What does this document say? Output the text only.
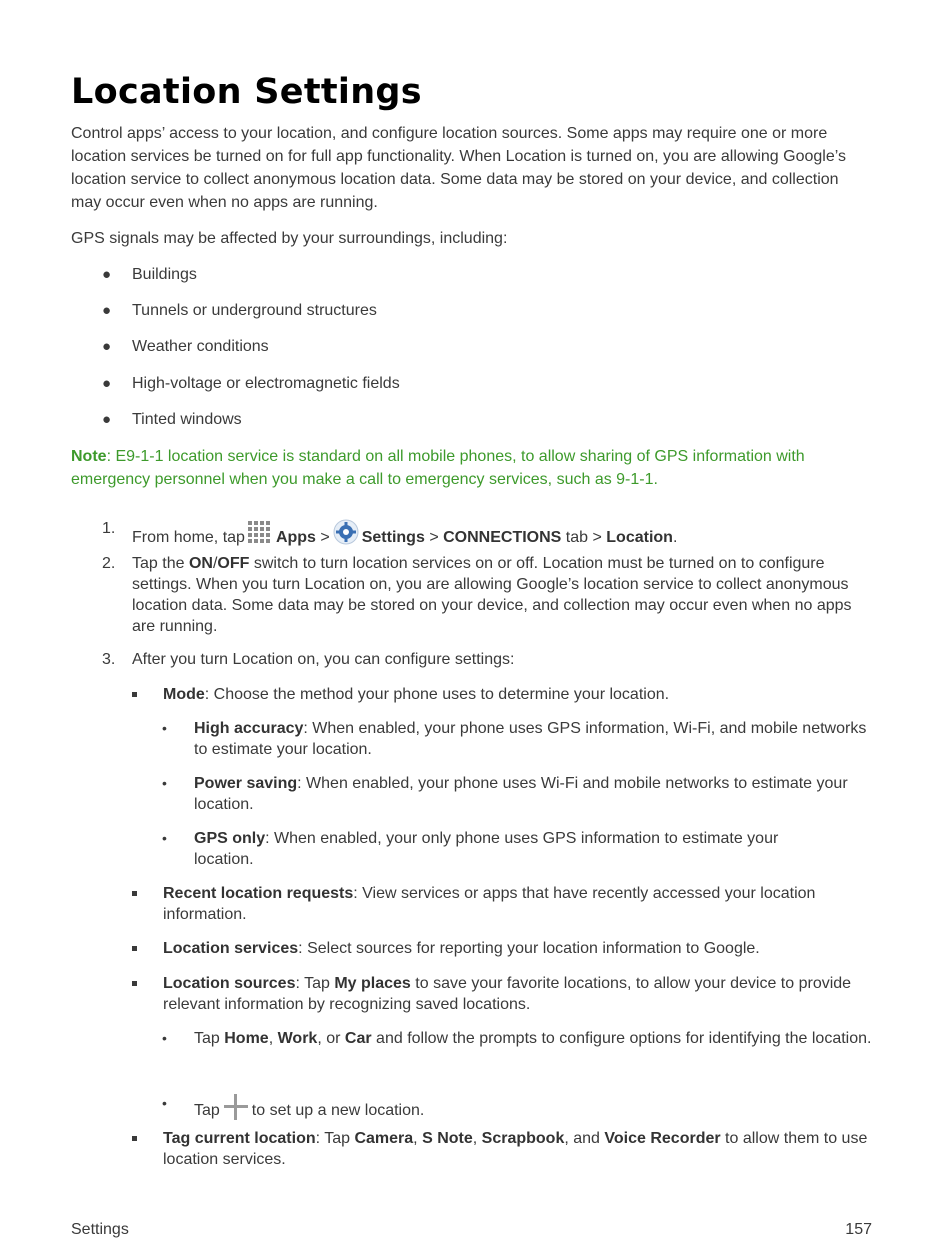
Location Settings

Control apps’ access to your location, and configure location sources. Some apps may require one or more location services be turned on for full app functionality. When Location is turned on, you are allowing Google’s location service to collect anonymous location data. Some data may be stored on your device, and collection may occur even when no apps are running.

GPS signals may be affected by your surroundings, including:

● Buildings
● Tunnels or underground structures
● Weather conditions
● High-voltage or electromagnetic fields
● Tinted windows

Note: E9-1-1 location service is standard on all mobile phones, to allow sharing of GPS information with emergency personnel when you make a call to emergency services, such as 9-1-1.

1.
From home, tap Apps > Settings > CONNECTIONS tab > Location.
2. Tap the ON/OFF switch to turn location services on or off. Location must be turned on to configure settings. When you turn Location on, you are allowing Google’s location service to collect anonymous location data. Some data may be stored on your device, and collection may occur even when no apps are running.
3. After you turn Location on, you can configure settings:
Mode: Choose the method your phone uses to determine your location.
• High accuracy: When enabled, your phone uses GPS information, Wi-Fi, and mobile networks to estimate your location.
• Power saving: When enabled, your phone uses Wi-Fi and mobile networks to estimate your location.
• GPS only: When enabled, your only phone uses GPS information to estimate your location.
Recent location requests: View services or apps that have recently accessed your location information.
Location services: Select sources for reporting your location information to Google.
Location sources: Tap My places to save your favorite locations, to allow your device to provide relevant information by recognizing saved locations.
• Tap Home, Work, or Car and follow the prompts to configure options for identifying the location.
• Tap to set up a new location.
Tag current location: Tap Camera, S Note, Scrapbook, and Voice Recorder to allow them to use location services.
Settings	157
